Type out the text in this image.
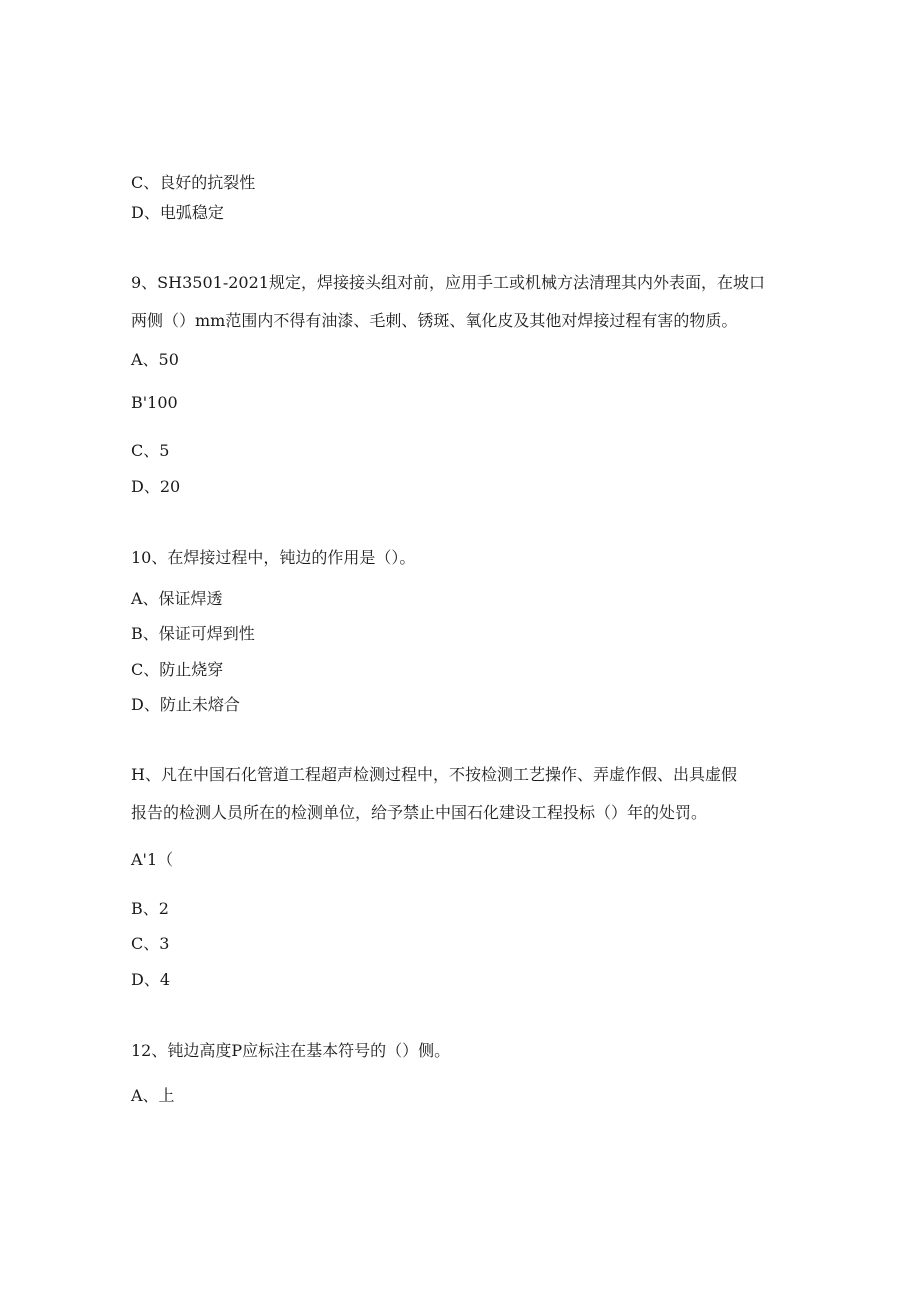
C、良好的抗裂性

D、电弧稳定

9、SH3501-2021规定，焊接接头组对前，应用手工或机械方法清理其内外表面，在坡口

两侧（）mm范围内不得有油漆、毛刺、锈斑、氧化皮及其他对焊接过程有害的物质。

A、50

B'100

C、5

D、20

10、在焊接过程中，钝边的作用是（）。

A、保证焊透

B、保证可焊到性

C、防止烧穿

D、防止未熔合

H、凡在中国石化管道工程超声检测过程中，不按检测工艺操作、弄虚作假、出具虚假

报告的检测人员所在的检测单位，给予禁止中国石化建设工程投标（）年的处罚。

A'1（

B、2

C、3

D、4

12、钝边高度P应标注在基本符号的（）侧。

A、上
